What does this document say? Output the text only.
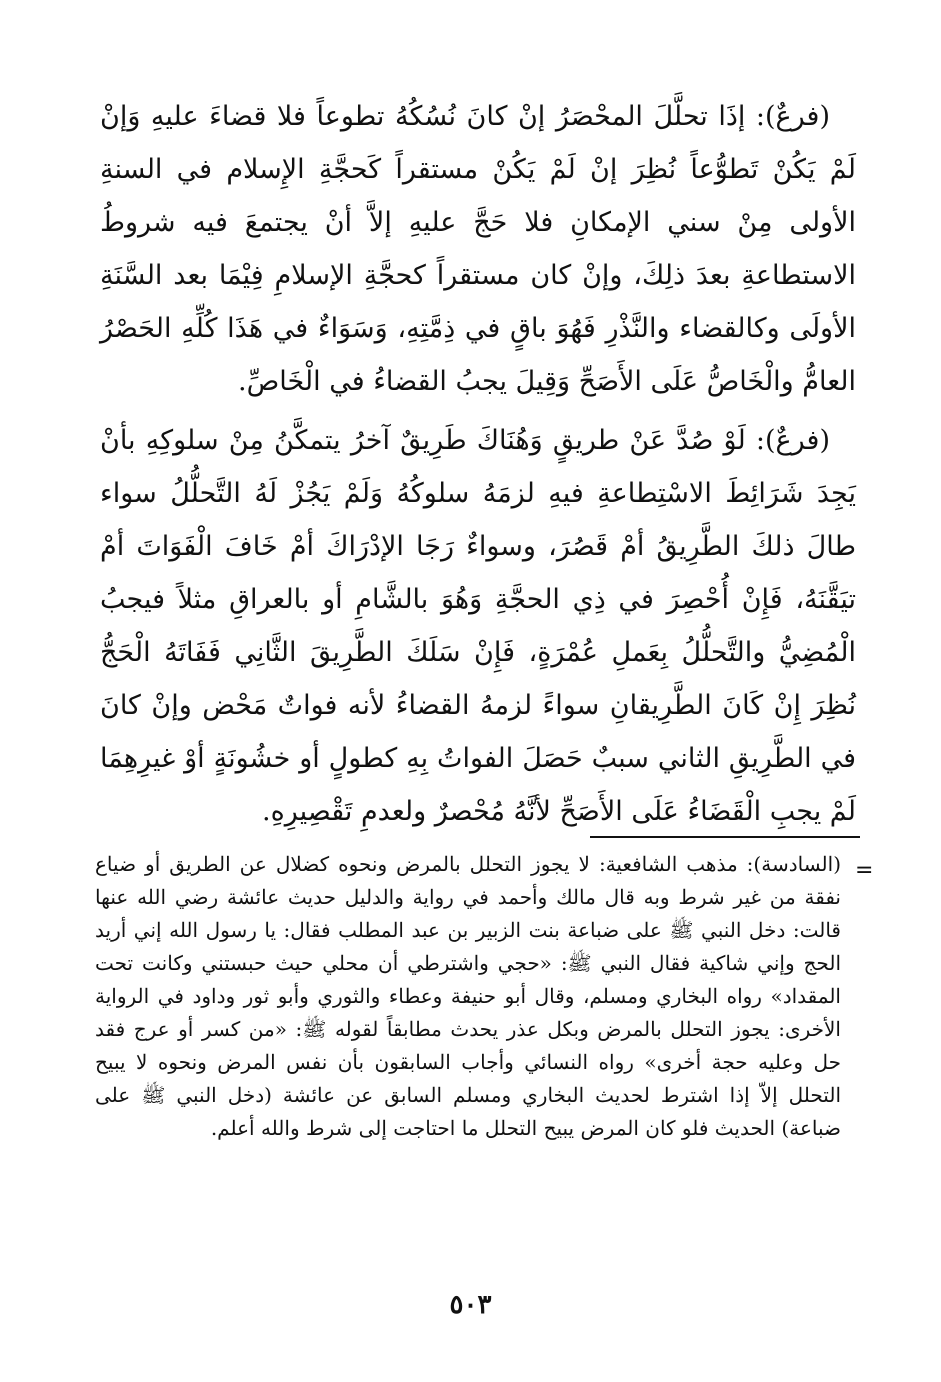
(فرعٌ): إذَا تحلَّلَ المحْصَرُ إنْ كانَ نُسُكُهُ تطوعاً فلا قضاءَ عليهِ وَإنْ لَمْ يَكُنْ تَطوُّعاً نُظِرَ إنْ لَمْ يَكُنْ مستقراً كَحجَّةِ الإِسلام في السنةِ الأولى مِنْ سني الإمكانِ فلا حَجَّ عليهِ إلاَّ أنْ يجتمعَ فيه شروطُ الاستطاعةِ بعدَ ذلِكَ، وإنْ كان مستقراً كحجَّةِ الإسلامِ فِيْمَا بعد السَّنَةِ الأولَى وكالقضاء والنَّذْرِ فَهُوَ باقٍ في ذِمَّتِهِ، وَسَوَاءٌ في هَذَا كُلِّهِ الحَصْرُ العامُّ والْخَاصُّ عَلَى الأَصَحِّ وَقِيلَ يجبُ القضاءُ في الْخَاصِّ.

(فرعٌ): لَوْ صُدَّ عَنْ طريقٍ وَهُنَاكَ طَرِيقٌ آخرُ يتمكَّنُ مِنْ سلوكِهِ بأنْ يَجِدَ شَرَائِطَ الاسْتِطاعةِ فيهِ لزمَهُ سلوكُهُ وَلَمْ يَجُزْ لَهُ التَّحلُّلُ سواء طالَ ذلكَ الطَّرِيقُ أمْ قَصُرَ، وسواءٌ رَجَا الإدْرَاكَ أمْ خَافَ الْفَوَاتَ أمْ تيَقَّنَهُ، فَإِنْ أُحْصِرَ في ذِي الحجَّةِ وَهُوَ بالشَّامِ أو بالعراقِ مثلاً فيجبُ الْمُضِيُّ والتَّحلُّلُ بِعَملِ عُمْرَةٍ، فَإِنْ سَلَكَ الطَّرِيقَ الثَّانِي فَفَاتَهُ الْحَجُّ نُظِرَ إِنْ كَانَ الطَّرِيقانِ سواءً لزمهُ القضاءُ لأنه فواتٌ مَحْض وإنْ كانَ في الطَّرِيقِ الثاني سببٌ حَصَلَ الفواتُ بِهِ كطولٍ أو خشُونَةٍ أوْ غيرِهِمَا لَمْ يجبِ الْقَضَاءُ عَلَى الأَصَحِّ لأنَّهُ مُحْصرٌ ولعدمِ تَقْصِيرِهِ.

=

(السادسة): مذهب الشافعية: لا يجوز التحلل بالمرض ونحوه كضلال عن الطريق أو ضياع نفقة من غير شرط وبه قال مالك وأحمد في رواية والدليل حديث عائشة رضي الله عنها قالت: دخل النبي ﷺ على ضباعة بنت الزبير بن عبد المطلب فقال: يا رسول الله إني أريد الحج وإني شاكية فقال النبي ﷺ: «حجي واشترطي أن محلي حيث حبستني وكانت تحت المقداد» رواه البخاري ومسلم، وقال أبو حنيفة وعطاء والثوري وأبو ثور وداود في الرواية الأخرى: يجوز التحلل بالمرض وبكل عذر يحدث مطابقاً لقوله ﷺ: «من كسر أو عرج فقد حل وعليه حجة أخرى» رواه النسائي وأجاب السابقون بأن نفس المرض ونحوه لا يبيح التحلل إلاّ إذا اشترط لحديث البخاري ومسلم السابق عن عائشة (دخل النبي ﷺ على ضباعة) الحديث فلو كان المرض يبيح التحلل ما احتاجت إلى شرط والله أعلم.

٥٠٣
